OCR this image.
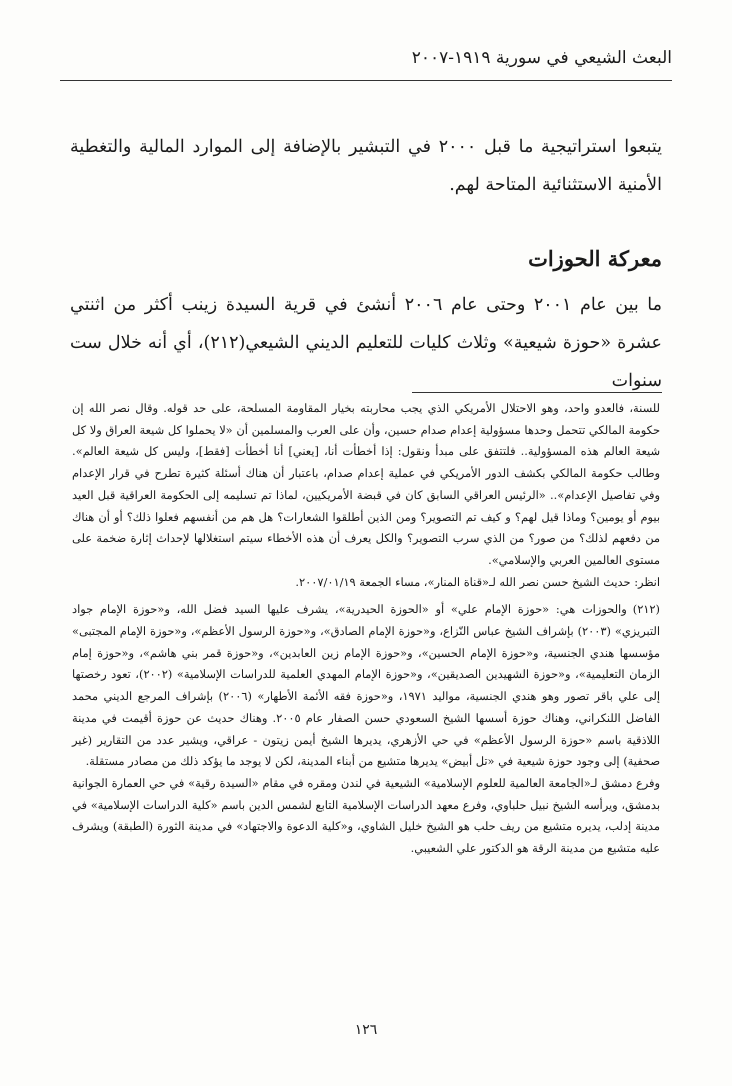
البعث الشيعي في سورية ١٩١٩-٢٠٠٧

يتبعوا استراتيجية ما قبل ٢٠٠٠ في التبشير بالإضافة إلى الموارد المالية والتغطية الأمنية الاستثنائية المتاحة لهم.

معركة الحوزات

ما بين عام ٢٠٠١ وحتى عام ٢٠٠٦ أنشئ في قرية السيدة زينب أكثر من اثنتي عشرة «حوزة شيعية» وثلاث كليات للتعليم الديني الشيعي(٢١٢)، أي أنه خلال ست سنوات

للسنة، فالعدو واحد، وهو الاحتلال الأمريكي الذي يجب محاربته بخيار المقاومة المسلحة، على حد قوله. وقال نصر الله إن حكومة المالكي تتحمل وحدها مسؤولية إعدام صدام حسين، وأن على العرب والمسلمين أن «لا يحملوا كل شيعة العراق ولا كل شيعة العالم هذه المسؤولية.. فلتتفق على مبدأ ونقول: إذا أخطأت أنا، [يعني] أنا أخطأت [فقط]، وليس كل شيعة العالم». وطالب حكومة المالكي بكشف الدور الأمريكي في عملية إعدام صدام، باعتبار أن هناك أسئلة كثيرة تطرح في قرار الإعدام وفي تفاصيل الإعدام».. «الرئيس العراقي السابق كان في قبضة الأمريكيين، لماذا تم تسليمه إلى الحكومة العراقية قبل العيد بيوم أو يومين؟ وماذا قيل لهم؟ و كيف تم التصوير؟ ومن الذين أطلقوا الشعارات؟ هل هم من أنفسهم فعلوا ذلك؟ أو أن هناك من دفعهم لذلك؟ من صور؟ من الذي سرب التصوير؟ والكل يعرف أن هذه الأخطاء سيتم استغلالها لإحداث إثارة ضخمة على مستوى العالمين العربي والإسلامي».

انظر: حديث الشيخ حسن نصر الله لـ«قناة المنار»، مساء الجمعة ٢٠٠٧/٠١/١٩.

(٢١٢)والحوزات هي: «حوزة الإمام علي» أو «الحوزة الحيدرية»، يشرف عليها السيد فضل الله، و«حوزة الإمام جواد التبريزي» (٢٠٠٣) بإشراف الشيخ عباس النّزاع، و«حوزة الإمام الصادق»، و«حوزة الرسول الأعظم»، و«حوزة الإمام المجتبى» مؤسسها هندي الجنسية، و«حوزة الإمام الحسين»، و«حوزة الإمام زين العابدين»، و«حوزة قمر بني هاشم»، و«حوزة إمام الزمان التعليمية»، و«حوزة الشهيدين الصديقين»، و«حوزة الإمام المهدي العلمية للدراسات الإسلامية» (٢٠٠٢)، تعود رخصتها إلى علي باقر تصور وهو هندي الجنسية، مواليد ١٩٧١، و«حوزة فقه الأئمة الأطهار» (٢٠٠٦) بإشراف المرجع الديني محمد الفاضل اللنكراني، وهناك حوزة أسسها الشيخ السعودي حسن الصفار عام ٢٠٠٥. وهناك حديث عن حوزة أقيمت في مدينة اللاذقية باسم «حوزة الرسول الأعظم» في حي الأزهري، يديرها الشيخ أيمن زيتون - عراقي، ويشير عدد من التقارير (غير صحفية) إلى وجود حوزة شيعية في «تل أبيض» يديرها متشيع من أبناء المدينة، لكن لا يوجد ما يؤكد ذلك من مصادر مستقلة.

وفرع دمشق لـ«الجامعة العالمية للعلوم الإسلامية» الشيعية في لندن ومقره في مقام «السيدة رقية» في حي العمارة الجوانية بدمشق، ويرأسه الشيخ نبيل حلباوي، وفرع معهد الدراسات الإسلامية التابع لشمس الدين باسم «كلية الدراسات الإسلامية» في مدينة إدلب، يديره متشيع من ريف حلب هو الشيخ خليل الشاوي، و«كلية الدعوة والاجتهاد» في مدينة الثورة (الطبقة) ويشرف عليه متشيع من مدينة الرقة هو الدكتور علي الشعيبي.

١٢٦
